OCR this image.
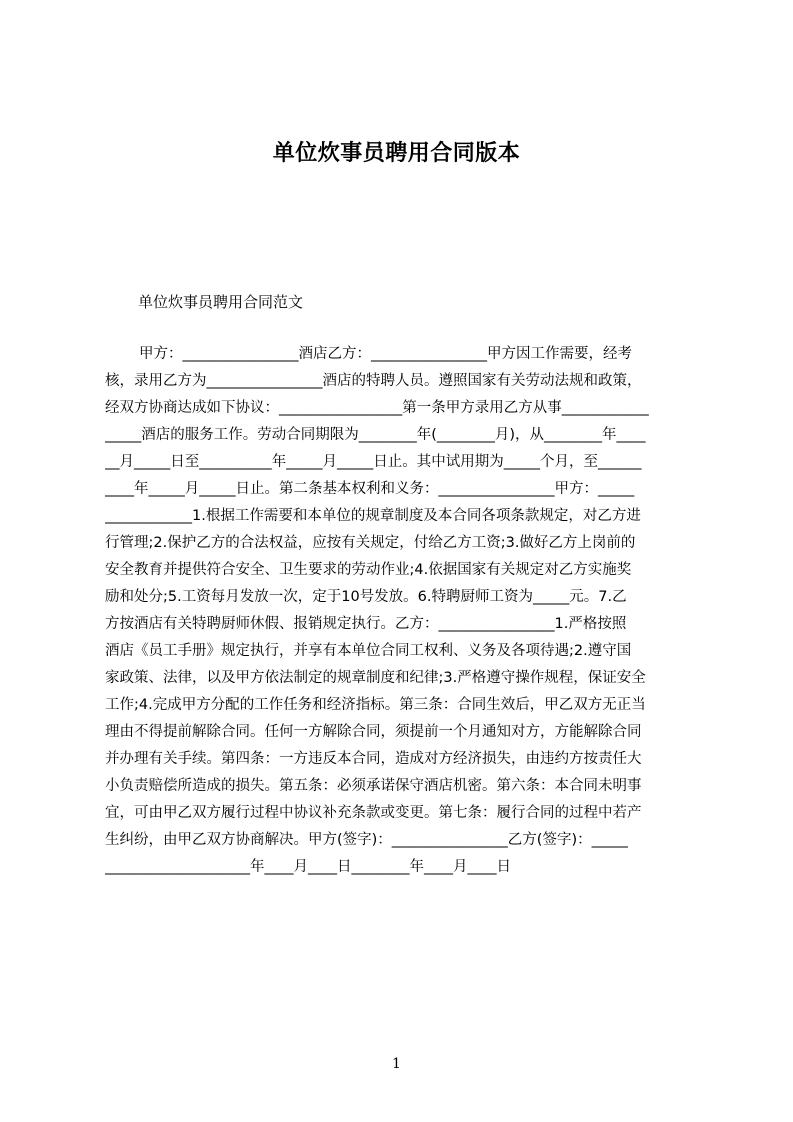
单位炊事员聘用合同版本
单位炊事员聘用合同范文
甲方：________________酒店乙方：________________甲方因工作需要，经考
核，录用乙方为________________酒店的特聘人员。遵照国家有关劳动法规和政策，
经双方协商达成如下协议：_________________第一条甲方录用乙方从事____________
_____酒店的服务工作。劳动合同期限为________年(________月)，从________年____
__月_____日至__________年_____月_____日止。其中试用期为_____个月，至______
____年_____月_____日止。第二条基本权利和义务：________________甲方：_____
____________1.根据工作需要和本单位的规章制度及本合同各项条款规定，对乙方进
行管理;2.保护乙方的合法权益，应按有关规定，付给乙方工资;3.做好乙方上岗前的
安全教育并提供符合安全、卫生要求的劳动作业;4.依据国家有关规定对乙方实施奖
励和处分;5.工资每月发放一次，定于10号发放。6.特聘厨师工资为_____元。7.乙
方按酒店有关特聘厨师休假、报销规定执行。乙方：________________1.严格按照
酒店《员工手册》规定执行，并享有本单位合同工权利、义务及各项待遇;2.遵守国
家政策、法律，以及甲方依法制定的规章制度和纪律;3.严格遵守操作规程，保证安全
工作;4.完成甲方分配的工作任务和经济指标。第三条：合同生效后，甲乙双方无正当
理由不得提前解除合同。任何一方解除合同，须提前一个月通知对方，方能解除合同
并办理有关手续。第四条：一方违反本合同，造成对方经济损失，由违约方按责任大
小负责赔偿所造成的损失。第五条：必须承诺保守酒店机密。第六条：本合同未明事
宜，可由甲乙双方履行过程中协议补充条款或变更。第七条：履行合同的过程中若产
生纠纷，由甲乙双方协商解决。甲方(签字)：________________乙方(签字)：_____
____________________年____月____日________年____月____日
1
